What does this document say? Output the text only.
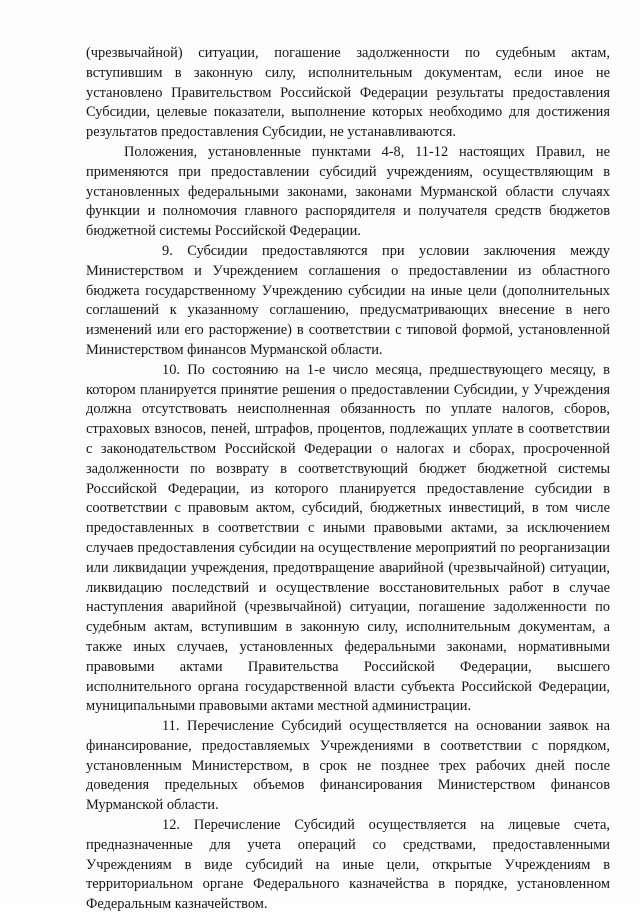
(чрезвычайной) ситуации, погашение задолженности по судебным актам, вступившим в законную силу, исполнительным документам, если иное не установлено Правительством Российской Федерации результаты предоставления Субсидии, целевые показатели, выполнение которых необходимо для достижения результатов предоставления Субсидии, не устанавливаются.

Положения, установленные пунктами 4-8, 11-12 настоящих Правил, не применяются при предоставлении субсидий учреждениям, осуществляющим в установленных федеральными законами, законами Мурманской области случаях функции и полномочия главного распорядителя и получателя средств бюджетов бюджетной системы Российской Федерации.

9. Субсидии предоставляются при условии заключения между Министерством и Учреждением соглашения о предоставлении из областного бюджета государственному Учреждению субсидии на иные цели (дополнительных соглашений к указанному соглашению, предусматривающих внесение в него изменений или его расторжение) в соответствии с типовой формой, установленной Министерством финансов Мурманской области.

10. По состоянию на 1-е число месяца, предшествующего месяцу, в котором планируется принятие решения о предоставлении Субсидии, у Учреждения должна отсутствовать неисполненная обязанность по уплате налогов, сборов, страховых взносов, пеней, штрафов, процентов, подлежащих уплате в соответствии с законодательством Российской Федерации о налогах и сборах, просроченной задолженности по возврату в соответствующий бюджет бюджетной системы Российской Федерации, из которого планируется предоставление субсидии в соответствии с правовым актом, субсидий, бюджетных инвестиций, в том числе предоставленных в соответствии с иными правовыми актами, за исключением случаев предоставления субсидии на осуществление мероприятий по реорганизации или ликвидации учреждения, предотвращение аварийной (чрезвычайной) ситуации, ликвидацию последствий и осуществление восстановительных работ в случае наступления аварийной (чрезвычайной) ситуации, погашение задолженности по судебным актам, вступившим в законную силу, исполнительным документам, а также иных случаев, установленных федеральными законами, нормативными правовыми актами Правительства Российской Федерации, высшего исполнительного органа государственной власти субъекта Российской Федерации, муниципальными правовыми актами местной администрации.

11. Перечисление Субсидий осуществляется на основании заявок на финансирование, предоставляемых Учреждениями в соответствии с порядком, установленным Министерством, в срок не позднее трех рабочих дней после доведения предельных объемов финансирования Министерством финансов Мурманской области.

12. Перечисление Субсидий осуществляется на лицевые счета, предназначенные для учета операций со средствами, предоставленными Учреждениям в виде субсидий на иные цели, открытые Учреждениям в территориальном органе Федерального казначейства в порядке, установленном Федеральным казначейством.
